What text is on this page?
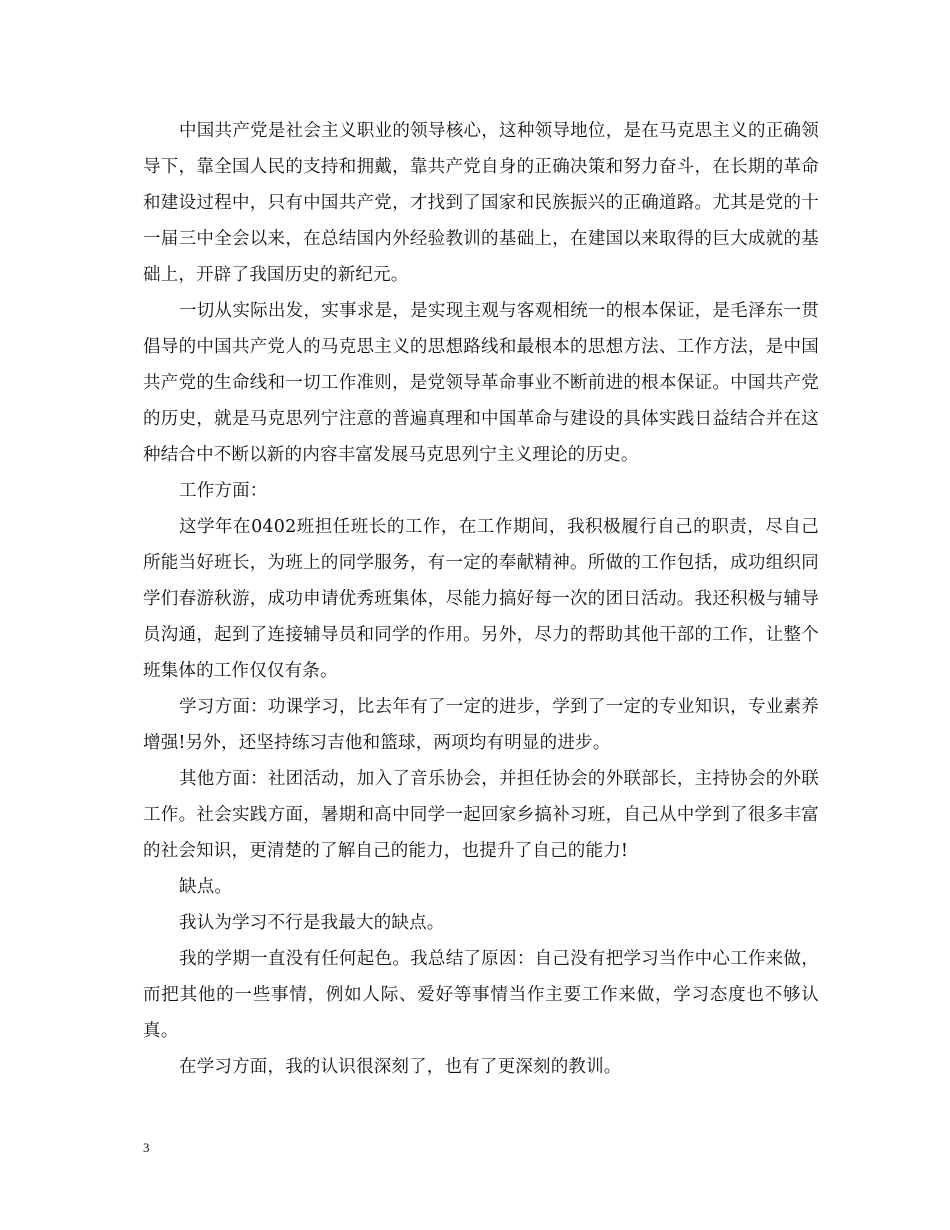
中国共产党是社会主义职业的领导核心，这种领导地位，是在马克思主义的正确领导下，靠全国人民的支持和拥戴，靠共产党自身的正确决策和努力奋斗，在长期的革命和建设过程中，只有中国共产党，才找到了国家和民族振兴的正确道路。尤其是党的十一届三中全会以来，在总结国内外经验教训的基础上，在建国以来取得的巨大成就的基础上，开辟了我国历史的新纪元。

一切从实际出发，实事求是，是实现主观与客观相统一的根本保证，是毛泽东一贯倡导的中国共产党人的马克思主义的思想路线和最根本的思想方法、工作方法，是中国共产党的生命线和一切工作准则，是党领导革命事业不断前进的根本保证。中国共产党的历史，就是马克思列宁注意的普遍真理和中国革命与建设的具体实践日益结合并在这种结合中不断以新的内容丰富发展马克思列宁主义理论的历史。

工作方面：

这学年在0402班担任班长的工作，在工作期间，我积极履行自己的职责，尽自己所能当好班长，为班上的同学服务，有一定的奉献精神。所做的工作包括，成功组织同学们春游秋游，成功申请优秀班集体，尽能力搞好每一次的团日活动。我还积极与辅导员沟通，起到了连接辅导员和同学的作用。另外，尽力的帮助其他干部的工作，让整个班集体的工作仅仅有条。

学习方面：功课学习，比去年有了一定的进步，学到了一定的专业知识，专业素养增强!另外，还坚持练习吉他和篮球，两项均有明显的进步。

其他方面：社团活动，加入了音乐协会，并担任协会的外联部长，主持协会的外联工作。社会实践方面，暑期和高中同学一起回家乡搞补习班，自己从中学到了很多丰富的社会知识，更清楚的了解自己的能力，也提升了自己的能力!

缺点。

我认为学习不行是我最大的缺点。

我的学期一直没有任何起色。我总结了原因：自己没有把学习当作中心工作来做，而把其他的一些事情，例如人际、爱好等事情当作主要工作来做，学习态度也不够认真。

在学习方面，我的认识很深刻了，也有了更深刻的教训。

3
